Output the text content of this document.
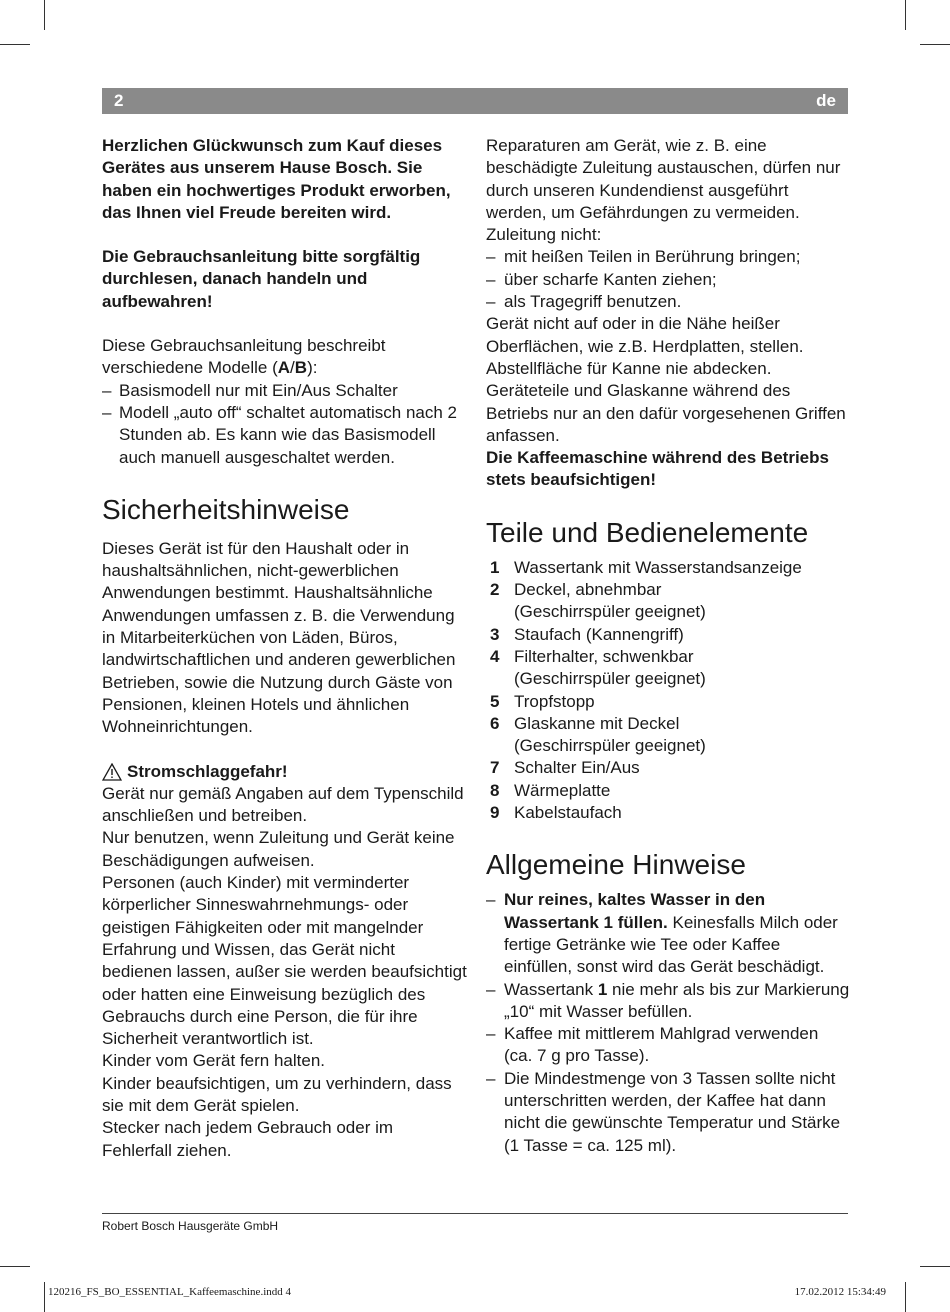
2	de

Herzlichen Glückwunsch zum Kauf dieses Gerätes aus unserem Hause Bosch. Sie haben ein hochwertiges Produkt erworben, das Ihnen viel Freude bereiten wird.

Die Gebrauchsanleitung bitte sorgfältig durchlesen, danach handeln und aufbewahren!

Diese Gebrauchsanleitung beschreibt verschiedene Modelle (A/B):

– Basismodell nur mit Ein/Aus Schalter

– Modell „auto off“ schaltet automatisch nach 2 Stunden ab. Es kann wie das Basismodell auch manuell ausgeschaltet werden.

Sicherheitshinweise

Dieses Gerät ist für den Haushalt oder in haushaltsähnlichen, nicht-gewerblichen Anwendungen bestimmt. Haushaltsähnliche Anwendungen umfassen z. B. die Verwendung in Mitarbeiterküchen von Läden, Büros, landwirtschaftlichen und anderen gewerblichen Betrieben, sowie die Nutzung durch Gäste von Pensionen, kleinen Hotels und ähnlichen Wohneinrichtungen.

Stromschlaggefahr!

Gerät nur gemäß Angaben auf dem Typenschild anschließen und betreiben.

Nur benutzen, wenn Zuleitung und Gerät keine Beschädigungen aufweisen.

Personen (auch Kinder) mit verminderter körperlicher Sinneswahrnehmungs- oder geistigen Fähigkeiten oder mit mangelnder Erfahrung und Wissen, das Gerät nicht bedienen lassen, außer sie werden beaufsichtigt oder hatten eine Einweisung bezüglich des Gebrauchs durch eine Person, die für ihre Sicherheit verantwortlich ist.

Kinder vom Gerät fern halten.

Kinder beaufsichtigen, um zu verhindern, dass sie mit dem Gerät spielen.

Stecker nach jedem Gebrauch oder im Fehlerfall ziehen.

Reparaturen am Gerät, wie z. B. eine beschädigte Zuleitung austauschen, dürfen nur durch unseren Kundendienst ausgeführt werden, um Gefährdungen zu vermeiden.

Zuleitung nicht:

– mit heißen Teilen in Berührung bringen;

– über scharfe Kanten ziehen;

– als Tragegriff benutzen.

Gerät nicht auf oder in die Nähe heißer Oberflächen, wie z.B. Herdplatten, stellen.

Abstellfläche für Kanne nie abdecken.

Geräteteile und Glaskanne während des Betriebs nur an den dafür vorgesehenen Griffen anfassen.

Die Kaffeemaschine während des Betriebs stets beaufsichtigen!

Teile und Bedienelemente
1 Wassertank mit Wasserstandsanzeige
2 Deckel, abnehmbar (Geschirrspüler geeignet)
3 Staufach (Kannengriff)
4 Filterhalter, schwenkbar (Geschirrspüler geeignet)
5 Tropfstopp
6 Glaskanne mit Deckel (Geschirrspüler geeignet)
7 Schalter Ein/Aus
8 Wärmeplatte
9 Kabelstaufach
Allgemeine Hinweise

– Nur reines, kaltes Wasser in den Wassertank 1 füllen. Keinesfalls Milch oder fertige Getränke wie Tee oder Kaffee einfüllen, sonst wird das Gerät beschädigt.

– Wassertank 1 nie mehr als bis zur Markierung „10“ mit Wasser befüllen.

– Kaffee mit mittlerem Mahlgrad verwenden (ca. 7 g pro Tasse).

– Die Mindestmenge von 3 Tassen sollte nicht unterschritten werden, der Kaffee hat dann nicht die gewünschte Temperatur und Stärke (1 Tasse = ca. 125 ml).

Robert Bosch Hausgeräte GmbH
120216_FS_BO_ESSENTIAL_Kaffeemaschine.indd 4	17.02.2012 15:34:49
